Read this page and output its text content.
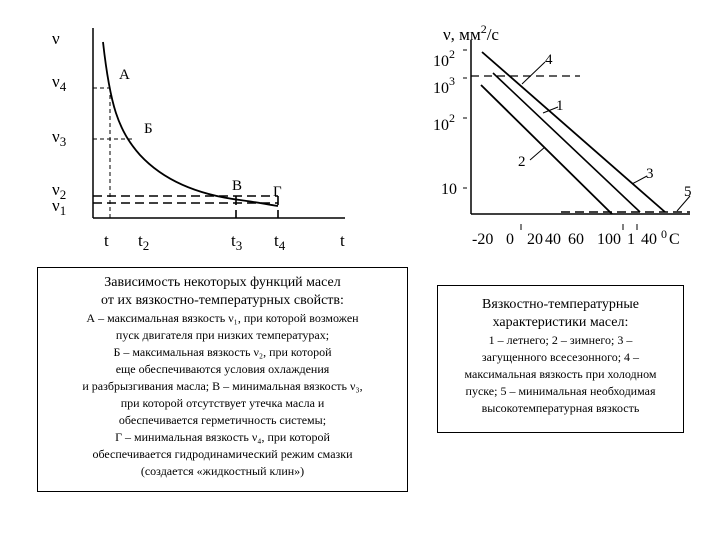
ν
$\nu_4$
$\nu_3$
$\nu_2$
$\nu_1$
А
Б
В Г
t $t_2$	$t_3$ $t_4$	t
ν, $мм^2/с$
$10^2$
$10^3$
$10^2$
10
4
1
2
3
5
-20 0 20 40 60 100 1 40 0 С
Зависимость некоторых функций масел
от их вязкостно-температурных свойств:
А – максимальная вязкость ν₁, при которой возможен
пуск двигателя при низких температурах;
Б – максимальная вязкость ν₂, при которой
еще обеспечиваются условия охлаждения
и разбрызгивания масла; В – минимальная вязкость ν₃,
при которой отсутствует утечка масла и
обеспечивается герметичность системы;
Г – минимальная вязкость ν₄, при которой
обеспечивается гидродинамический режим смазки
(создается «жидкостный клин»)
Вязкостно-температурные
характеристики масел:
1 – летнего; 2 – зимнего; 3 –
загущенного всесезонного; 4 –
максимальная вязкость при холодном
пуске; 5 – минимальная необходимая
высокотемпературная вязкость
